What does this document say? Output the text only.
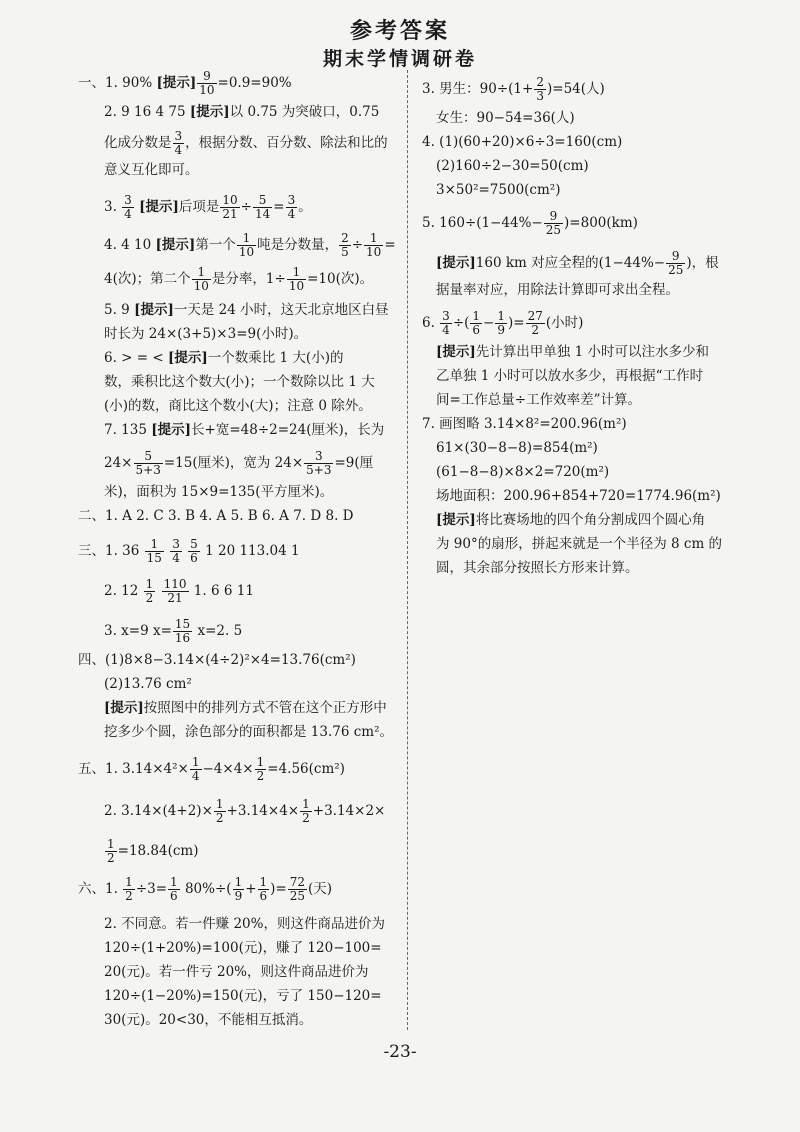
参考答案
期末学情调研卷
一、1. 90% [提示] $\frac{9}{10} =0.9=90\%$
2. 9 16 4 75 [提示]以 0.75 为突破口，0.75
化成分数是 $\frac{3}{4}$ ，根据分数、百分数、除法和比的
意义互化即可。
3. $\frac{3}{4}$ [提示]后项是 $\frac{10}{21} \div \frac{5}{14} = \frac{3}{4}$ 。
4. 4 10 [提示]第一个 $\frac{1}{10}$ 吨是分数量， $\frac{2}{5} \div \frac{1}{10}$ =
4(次)；第二个 $\frac{1}{10}$ 是分率，$1\div \frac{1}{10} =10$(次)。
5. 9 [提示]一天是 24 小时，这天北京地区白昼
时长为 24×(3+5)×3=9(小时)。
6. > = < [提示]一个数乘比 1 大(小)的
数，乘积比这个数大(小)；一个数除以比 1 大
(小)的数，商比这个数小(大)；注意 0 除外。
7. 135 [提示]长+宽=48÷2=24(厘米)，长为
$24\times \frac{5}{5+3} =15$(厘米)，宽为 $24\times \frac{3}{5+3} =9$(厘
米)，面积为 15×9=135(平方厘米)。
二、1. A 2. C 3. B 4. A 5. B 6. A 7. D 8. D
三、1. $36 \frac{1}{15}$
$\frac{3}{4}$
$\frac{5}{6} 1$ 20 113.04 1
2. $12 \frac{1}{2}$
$\frac{110}{21} 1$. 6 6 11
3. x=9 $x= \frac{15}{16} x=2$. 5
四、(1)8×8−3.14×(4÷2)²×4=13.76(cm²)
(2)13.76 cm²
[提示]按照图中的排列方式不管在这个正方形中
挖多少个圆，涂色部分的面积都是 13.76 cm²。
五、1. $3.14\times 4^2\times \frac{1}{4} -4\times 4\times \frac{1}{2} =4.56(cm^2)$
2. $3.14\times(4+2)\times \frac{1}{2} +3.14\times 4\times \frac{1}{2} +3.14\times 2\times$
$\frac{1}{2} =18.84(cm)$
六、1. $\frac{1}{2} \div 3= \frac{1}{6} 80\%\div( \frac{1}{9} + \frac{1}{6}$ )= $\frac{72}{25}$ (天)
2. 不同意。若一件赚 20%，则这件商品进价为
120÷(1+20%)=100(元)，赚了 120−100=
20(元)。若一件亏 20%，则这件商品进价为
120÷(1−20%)=150(元)，亏了 150−120=
30(元)。20<30，不能相互抵消。
3. 男生：$90\div(1+ \frac{2}{3} )=54$(人)
女生：90−54=36(人)
4. (1)(60+20)×6÷3=160(cm)
(2)160÷2−30=50(cm)
3×50²=7500(cm²)
5. $160\div(1-44\%- \frac{9}{25} )=800(km)$
[提示]160 km 对应全程的($1-44\%- \frac{9}{25}$ )，根
据量率对应，用除法计算即可求出全程。
6. $\frac{3}{4}$ ÷( $\frac{1}{6} - \frac{1}{9}$ )= $\frac{27}{2}$ (小时)
[提示]先计算出甲单独 1 小时可以注水多少和
乙单独 1 小时可以放水多少，再根据“工作时
间=工作总量÷工作效率差”计算。
7. 画图略 3.14×8²=200.96(m²)
61×(30−8−8)=854(m²)
(61−8−8)×8×2=720(m²)
场地面积：200.96+854+720=1774.96(m²)
[提示]将比赛场地的四个角分割成四个圆心角
为 90°的扇形，拼起来就是一个半径为 8 cm 的
圆，其余部分按照长方形来计算。
-23-
